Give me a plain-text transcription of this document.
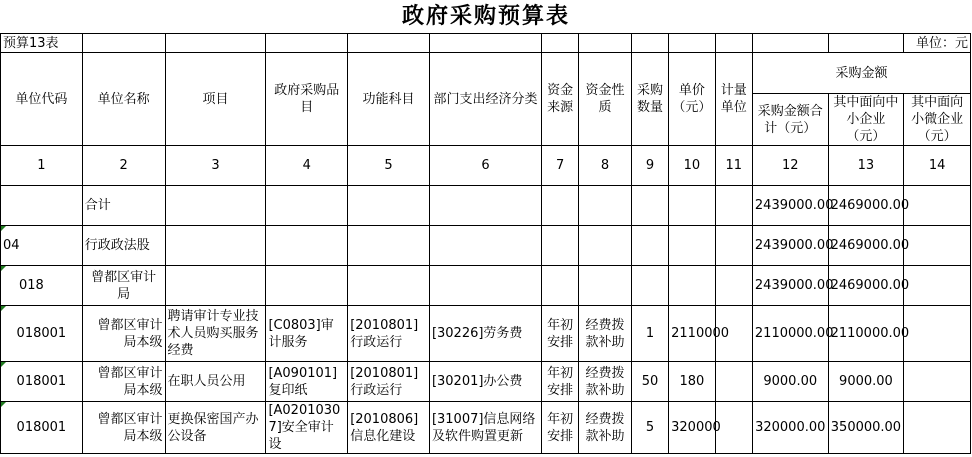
政府采购预算表
预算13表													单位：元
单位代码	单位名称	项目	政府采购品目	功能科目	部门支出经济分类	资金来源	资金性质	采购数量	单价（元）	计量单位	采购金额		
											采购金额合计（元）	其中面向中小企业（元）	其中面向小微企业（元）
1	2	3	4	5	6	7	8	9	10	11	12	13	14
	合计										2439000.00	2469000.00	
04	行政政法股										2439000.00	2469000.00	
018	曾都区审计局										2439000.00	2469000.00	
018001	曾都区审计局本级	聘请审计专业技术人员购买服务经费	[C0803]审计服务	[2010801]行政运行	[30226]劳务费	年初安排	经费拨款补助	1	2110000		2110000.00	2110000.00	
018001	曾都区审计局本级	在职人员公用	[A090101]复印纸	[2010801]行政运行	[30201]办公费	年初安排	经费拨款补助	50	180		9000.00	9000.00	
018001	曾都区审计局本级	更换保密国产办公设备	[A02010307]安全审计设	[2010806]信息化建设	[31007]信息网络及软件购置更新	年初安排	经费拨款补助	5	320000		320000.00	350000.00	
